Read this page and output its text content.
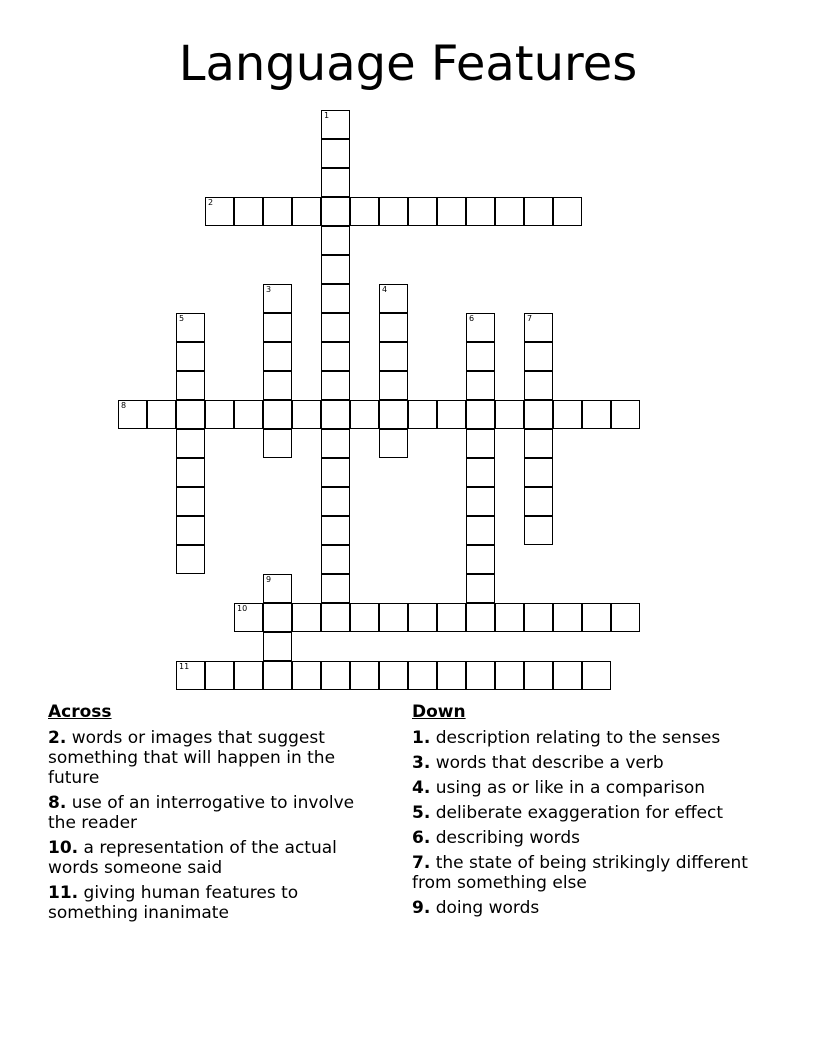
Language Features
1
2
3	4
5	6	7
8
9
10
11
Across
2. words or images that suggest something that will happen in the future
8. use of an interrogative to involve the reader
10. a representation of the actual words someone said
11. giving human features to something inanimate
Down
1. description relating to the senses
3. words that describe a verb
4. using as or like in a comparison
5. deliberate exaggeration for effect
6. describing words
7. the state of being strikingly different from something else
9. doing words
